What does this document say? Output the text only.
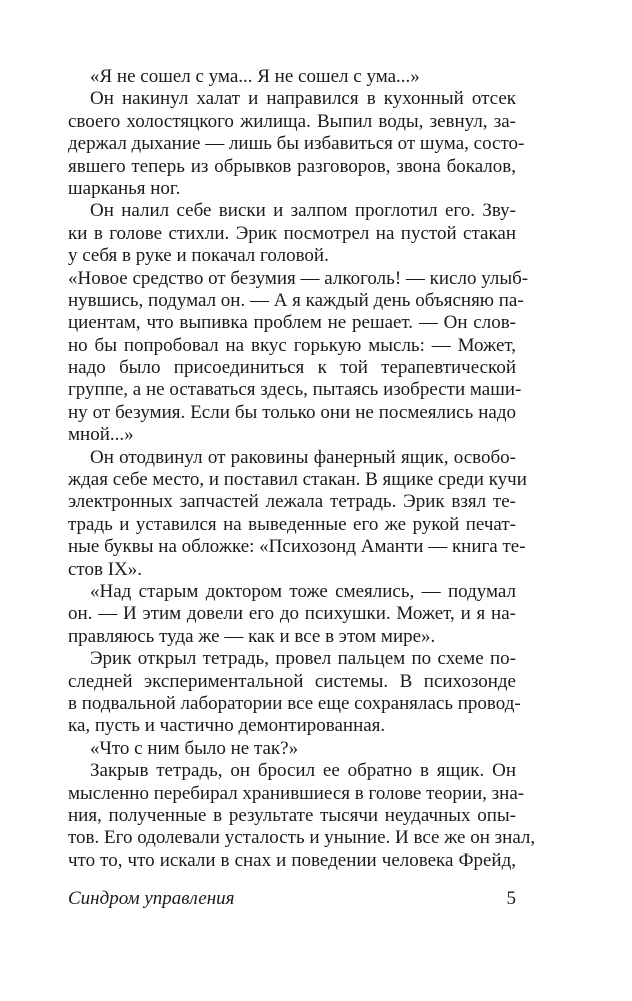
«Я не сошел с ума... Я не сошел с ума...»
Он накинул халат и направился в кухонный отсек
своего холостяцкого жилища. Выпил воды, зевнул, за-
держал дыхание — лишь бы избавиться от шума, состо-
явшего теперь из обрывков разговоров, звона бокалов,
шарканья ног.
Он налил себе виски и залпом проглотил его. Зву-
ки в голове стихли. Эрик посмотрел на пустой стакан
у себя в руке и покачал головой.
«Новое средство от безумия — алкоголь! — кисло улыб-
нувшись, подумал он. — А я каждый день объясняю па-
циентам, что выпивка проблем не решает. — Он слов-
но бы попробовал на вкус горькую мысль: — Может,
надо было присоединиться к той терапевтической
группе, а не оставаться здесь, пытаясь изобрести маши-
ну от безумия. Если бы только они не посмеялись надо
мной...»
Он отодвинул от раковины фанерный ящик, освобо-
ждая себе место, и поставил стакан. В ящике среди кучи
электронных запчастей лежала тетрадь. Эрик взял те-
традь и уставился на выведенные его же рукой печат-
ные буквы на обложке: «Психозонд Аманти — книга те-
стов IX».
«Над старым доктором тоже смеялись, — подумал
он. — И этим довели его до психушки. Может, и я на-
правляюсь туда же — как и все в этом мире».
Эрик открыл тетрадь, провел пальцем по схеме по-
следней экспериментальной системы. В психозонде
в подвальной лаборатории все еще сохранялась провод-
ка, пусть и частично демонтированная.
«Что с ним было не так?»
Закрыв тетрадь, он бросил ее обратно в ящик. Он
мысленно перебирал хранившиеся в голове теории, зна-
ния, полученные в результате тысячи неудачных опы-
тов. Его одолевали усталость и уныние. И все же он знал,
что то, что искали в снах и поведении человека Фрейд,
Синдром управления	5
